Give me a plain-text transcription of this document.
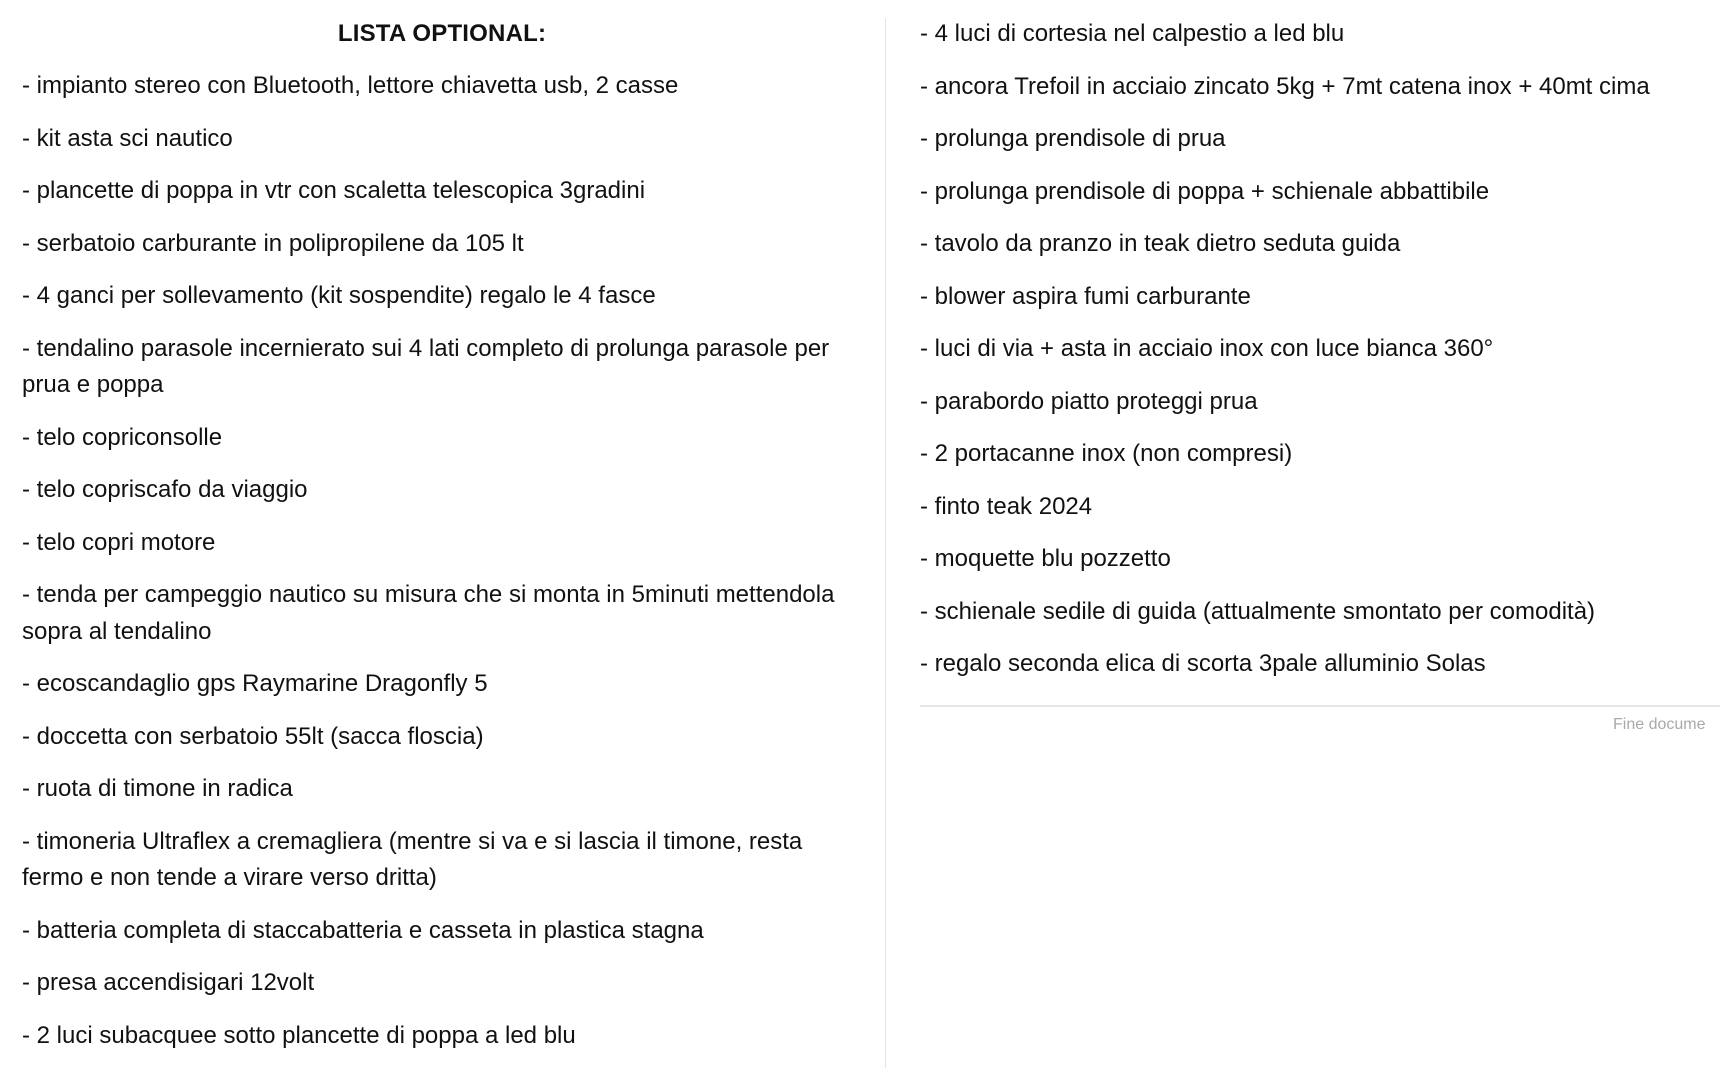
LISTA OPTIONAL:
- impianto stereo con Bluetooth, lettore chiavetta usb, 2 casse
- kit asta sci nautico
- plancette di poppa in vtr con scaletta telescopica 3gradini
- serbatoio carburante in polipropilene da 105 lt
- 4 ganci per sollevamento (kit sospendite) regalo le 4 fasce
- tendalino parasole incernierato sui 4 lati completo di prolunga parasole per prua e poppa
- telo copriconsolle
- telo copriscafo da viaggio
- telo copri motore
- tenda per campeggio nautico su misura che si monta in 5minuti mettendola sopra al tendalino
- ecoscandaglio gps Raymarine Dragonfly 5
- doccetta con serbatoio 55lt (sacca floscia)
- ruota di timone in radica
- timoneria Ultraflex a cremagliera (mentre si va e si lascia il timone, resta fermo e non tende a virare verso dritta)
- batteria completa di staccabatteria e casseta in plastica stagna
- presa accendisigari 12volt
- 2 luci subacquee sotto plancette di poppa a led blu
- 4 luci di cortesia nel calpestio a led blu
- ancora Trefoil in acciaio zincato 5kg + 7mt catena inox + 40mt cima
- prolunga prendisole di prua
- prolunga prendisole di poppa + schienale abbattibile
- tavolo da pranzo in teak dietro seduta guida
- blower aspira fumi carburante
- luci di via + asta in acciaio inox con luce bianca 360°
- parabordo piatto proteggi prua
- 2 portacanne inox (non compresi)
- finto teak 2024
- moquette blu pozzetto
- schienale sedile di guida (attualmente smontato per comodità)
- regalo seconda elica di scorta 3pale alluminio Solas
Fine docume
